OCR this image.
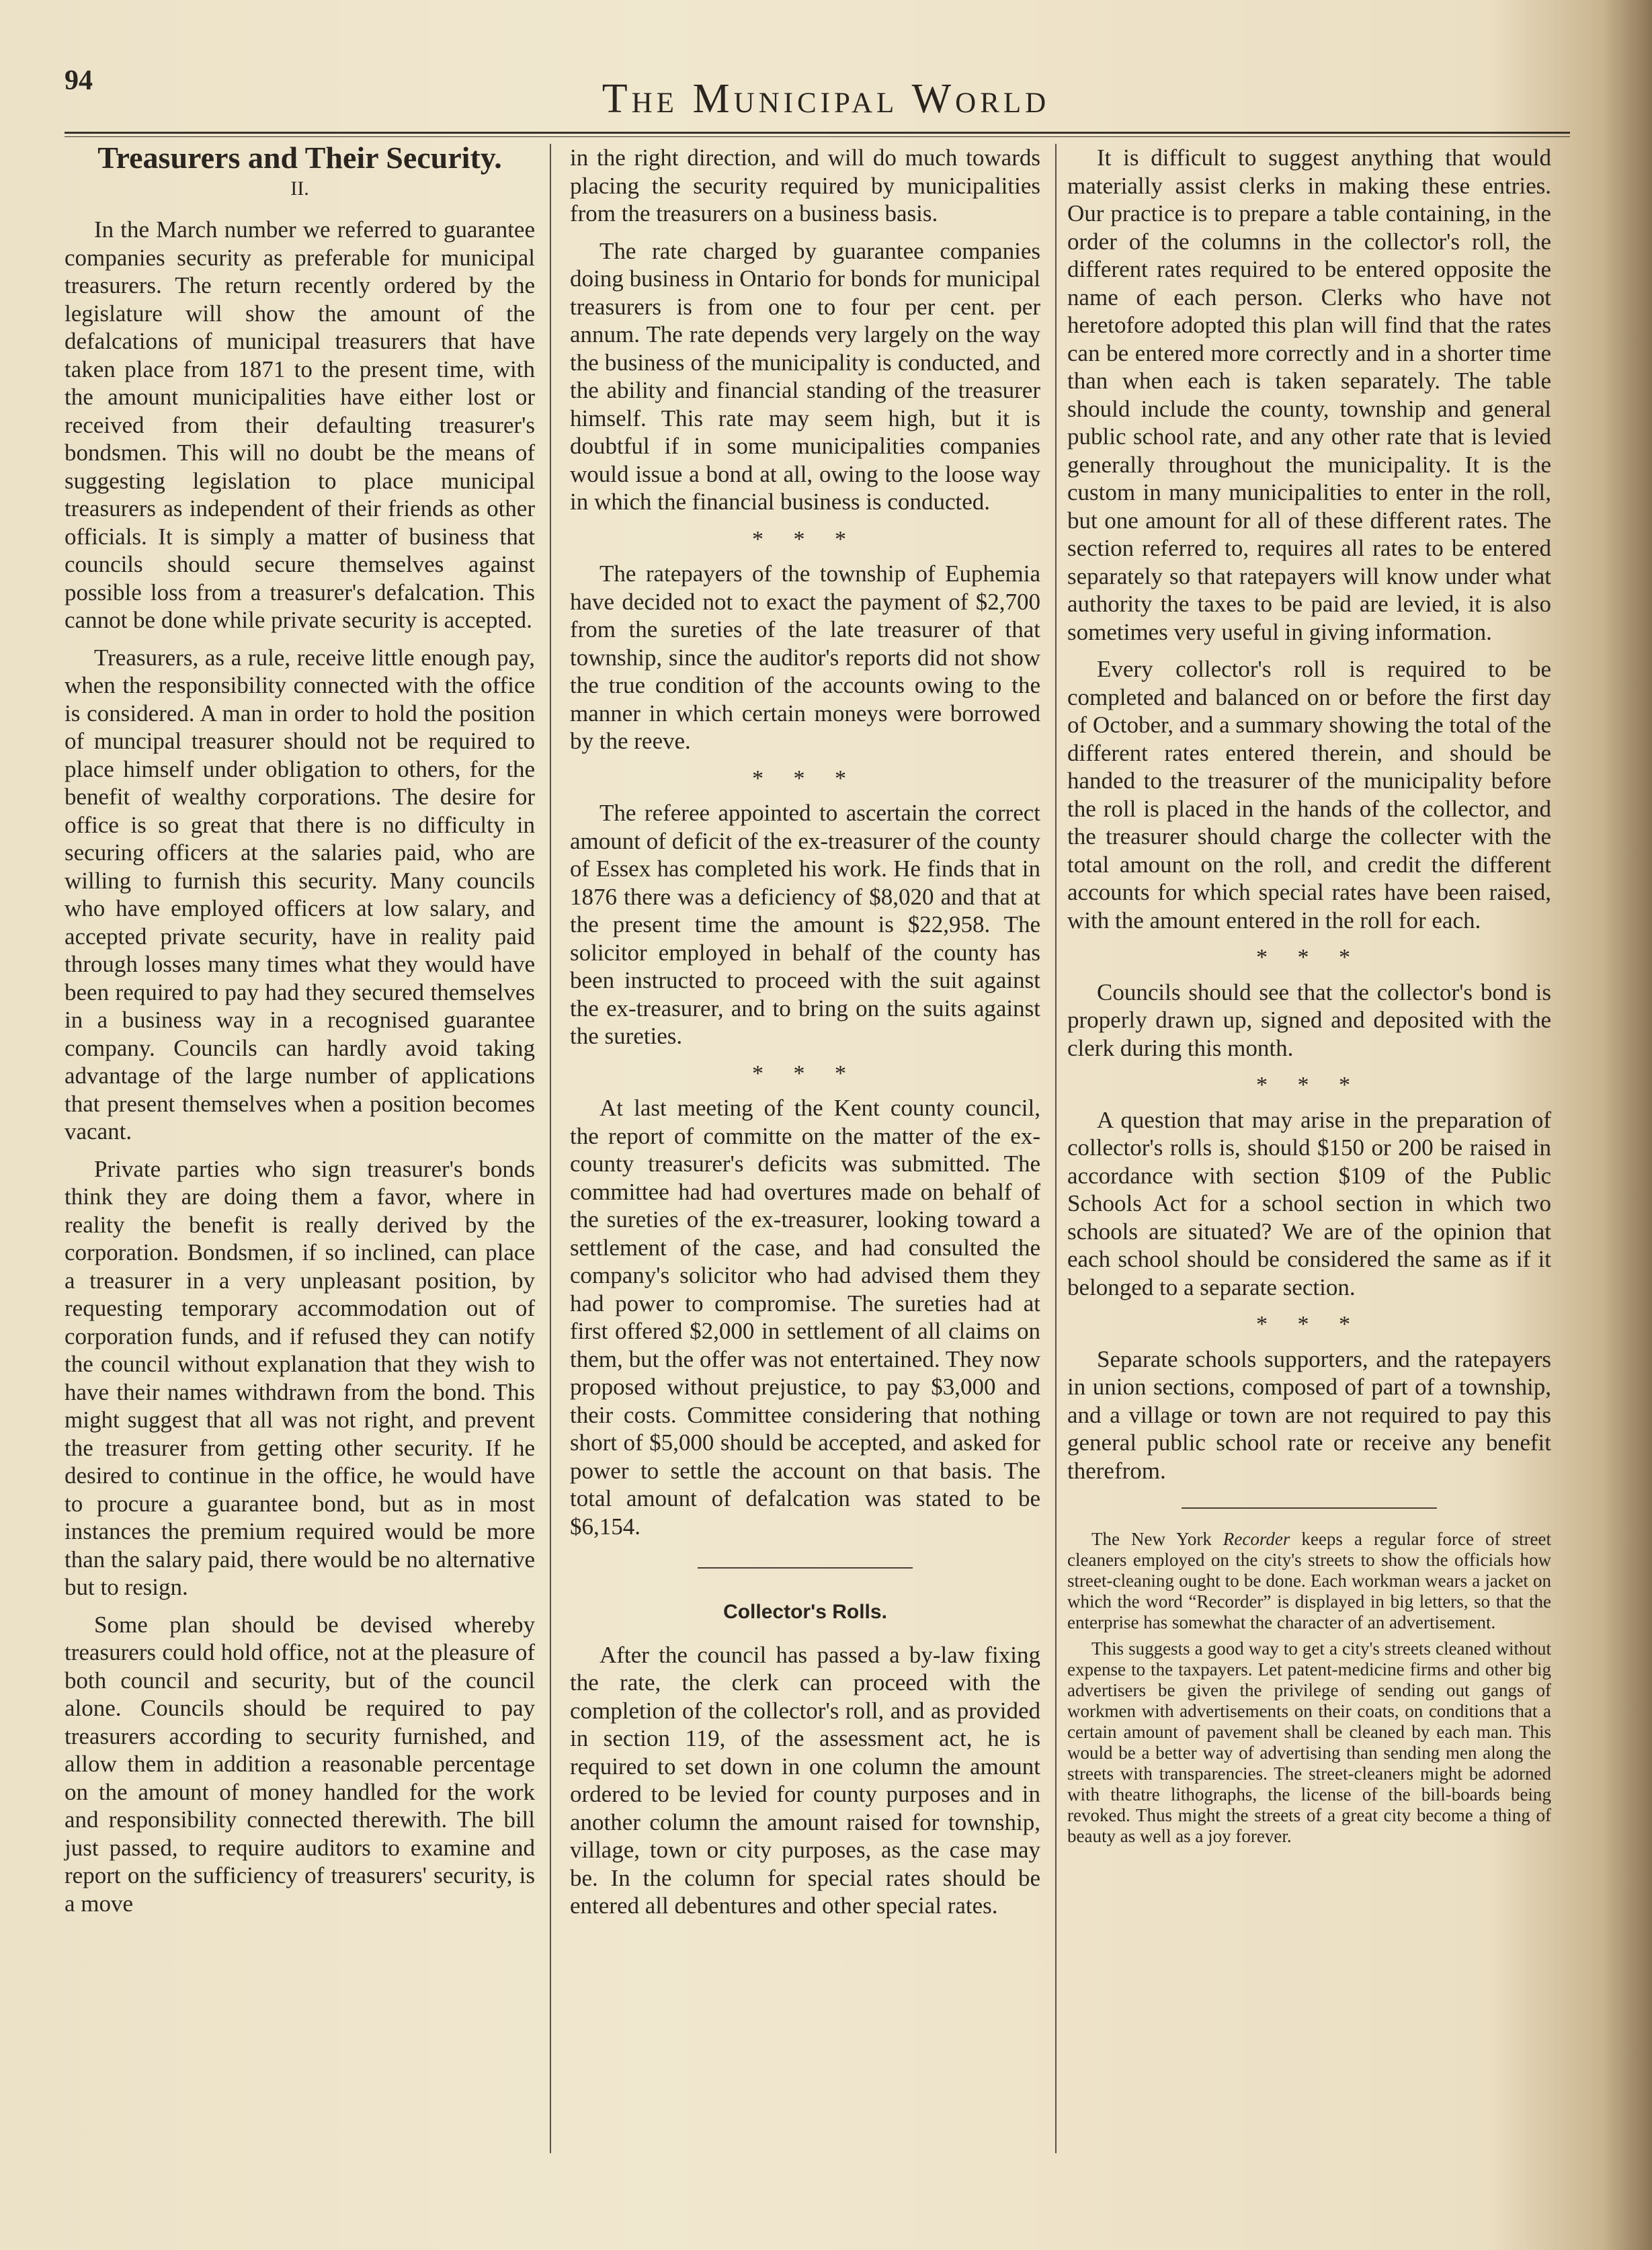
94	The Municipal World
Treasurers and Their Security.
II.

In the March number we referred to guarantee companies security as preferable for municipal treasurers. The return recently ordered by the legislature will show the amount of the defalcations of municipal treasurers that have taken place from 1871 to the present time, with the amount municipalities have either lost or received from their defaulting treasurer's bondsmen. This will no doubt be the means of suggesting legislation to place municipal treasurers as independent of their friends as other officials. It is simply a matter of business that councils should secure themselves against possible loss from a treasurer's defalcation. This cannot be done while private security is accepted.

Treasurers, as a rule, receive little enough pay, when the responsibility connected with the office is considered. A man in order to hold the position of muncipal treasurer should not be required to place himself under obligation to others, for the benefit of wealthy corporations. The desire for office is so great that there is no difficulty in securing officers at the salaries paid, who are willing to furnish this security. Many councils who have employed officers at low salary, and accepted private security, have in reality paid through losses many times what they would have been required to pay had they secured themselves in a business way in a recognised guarantee company. Councils can hardly avoid taking advantage of the large number of applications that present themselves when a position becomes vacant.

Private parties who sign treasurer's bonds think they are doing them a favor, where in reality the benefit is really derived by the corporation. Bondsmen, if so inclined, can place a treasurer in a very unpleasant position, by requesting temporary accommodation out of corporation funds, and if refused they can notify the council without explanation that they wish to have their names withdrawn from the bond. This might suggest that all was not right, and prevent the treasurer from getting other security. If he desired to continue in the office, he would have to procure a guarantee bond, but as in most instances the premium required would be more than the salary paid, there would be no alternative but to resign.

Some plan should be devised whereby treasurers could hold office, not at the pleasure of both council and security, but of the council alone. Councils should be required to pay treasurers according to security furnished, and allow them in addition a reasonable percentage on the amount of money handled for the work and responsibility connected therewith. The bill just passed, to require auditors to examine and report on the sufficiency of treasurers' security, is a move

in the right direction, and will do much towards placing the security required by municipalities from the treasurers on a business basis.

The rate charged by guarantee companies doing business in Ontario for bonds for municipal treasurers is from one to four per cent. per annum. The rate depends very largely on the way the business of the municipality is conducted, and the ability and financial standing of the treasurer himself. This rate may seem high, but it is doubtful if in some municipalities companies would issue a bond at all, owing to the loose way in which the financial business is conducted.

* * *

The ratepayers of the township of Euphemia have decided not to exact the payment of $2,700 from the sureties of the late treasurer of that township, since the auditor's reports did not show the true condition of the accounts owing to the manner in which certain moneys were borrowed by the reeve.

* * *

The referee appointed to ascertain the correct amount of deficit of the ex-treasurer of the county of Essex has completed his work. He finds that in 1876 there was a deficiency of $8,020 and that at the present time the amount is $22,958. The solicitor employed in behalf of the county has been instructed to proceed with the suit against the ex-treasurer, and to bring on the suits against the sureties.

* * *

At last meeting of the Kent county council, the report of committe on the matter of the ex-county treasurer's deficits was submitted. The committee had had overtures made on behalf of the sureties of the ex-treasurer, looking toward a settlement of the case, and had consulted the company's solicitor who had advised them they had power to compromise. The sureties had at first offered $2,000 in settlement of all claims on them, but the offer was not entertained. They now proposed without prejustice, to pay $3,000 and their costs. Committee considering that nothing short of $5,000 should be accepted, and asked for power to settle the account on that basis. The total amount of defalcation was stated to be $6,154.

Collector's Rolls.

After the council has passed a by-law fixing the rate, the clerk can proceed with the completion of the collector's roll, and as provided in section 119, of the assessment act, he is required to set down in one column the amount ordered to be levied for county purposes and in another column the amount raised for township, village, town or city purposes, as the case may be. In the column for special rates should be entered all debentures and other special rates.

It is difficult to suggest anything that would materially assist clerks in making these entries. Our practice is to prepare a table containing, in the order of the columns in the collector's roll, the different rates required to be entered opposite the name of each person. Clerks who have not heretofore adopted this plan will find that the rates can be entered more correctly and in a shorter time than when each is taken separately. The table should include the county, township and general public school rate, and any other rate that is levied generally throughout the municipality. It is the custom in many municipalities to enter in the roll, but one amount for all of these different rates. The section referred to, requires all rates to be entered separately so that ratepayers will know under what authority the taxes to be paid are levied, it is also sometimes very useful in giving information.

Every collector's roll is required to be completed and balanced on or before the first day of October, and a summary showing the total of the different rates entered therein, and should be handed to the treasurer of the municipality before the roll is placed in the hands of the collector, and the treasurer should charge the collecter with the total amount on the roll, and credit the different accounts for which special rates have been raised, with the amount entered in the roll for each.

* * *

Councils should see that the collector's bond is properly drawn up, signed and deposited with the clerk during this month.

* * *

A question that may arise in the preparation of collector's rolls is, should $150 or 200 be raised in accordance with section $109 of the Public Schools Act for a school section in which two schools are situated? We are of the opinion that each school should be considered the same as if it belonged to a separate section.

* * *

Separate schools supporters, and the ratepayers in union sections, composed of part of a township, and a village or town are not required to pay this general public school rate or receive any benefit therefrom.

The New York Recorder keeps a regular force of street cleaners employed on the city's streets to show the officials how street-cleaning ought to be done. Each workman wears a jacket on which the word “Recorder” is displayed in big letters, so that the enterprise has somewhat the character of an advertisement.

This suggests a good way to get a city's streets cleaned without expense to the taxpayers. Let patent-medicine firms and other big advertisers be given the privilege of sending out gangs of workmen with advertisements on their coats, on conditions that a certain amount of pavement shall be cleaned by each man. This would be a better way of advertising than sending men along the streets with transparencies. The street-cleaners might be adorned with theatre lithographs, the license of the bill-boards being revoked. Thus might the streets of a great city become a thing of beauty as well as a joy forever.
